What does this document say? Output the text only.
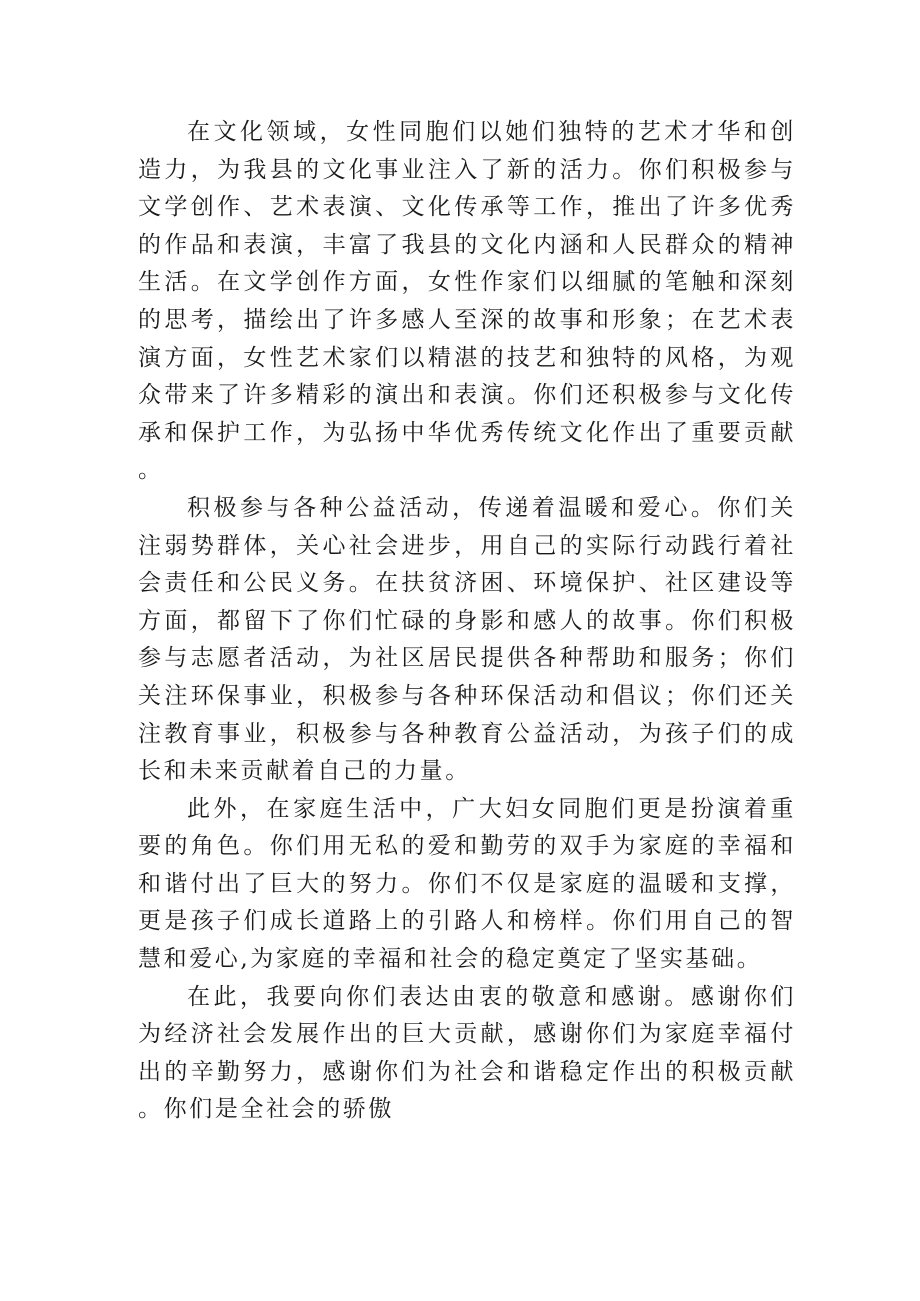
在文化领域，女性同胞们以她们独特的艺术才华和创造力，为我县的文化事业注入了新的活力。你们积极参与文学创作、艺术表演、文化传承等工作，推出了许多优秀的作品和表演，丰富了我县的文化内涵和人民群众的精神生活。在文学创作方面，女性作家们以细腻的笔触和深刻的思考，描绘出了许多感人至深的故事和形象；在艺术表演方面，女性艺术家们以精湛的技艺和独特的风格，为观众带来了许多精彩的演出和表演。你们还积极参与文化传承和保护工作，为弘扬中华优秀传统文化作出了重要贡献。

积极参与各种公益活动，传递着温暖和爱心。你们关注弱势群体，关心社会进步，用自己的实际行动践行着社会责任和公民义务。在扶贫济困、环境保护、社区建设等方面，都留下了你们忙碌的身影和感人的故事。你们积极参与志愿者活动，为社区居民提供各种帮助和服务；你们关注环保事业，积极参与各种环保活动和倡议；你们还关注教育事业，积极参与各种教育公益活动，为孩子们的成长和未来贡献着自己的力量。

此外，在家庭生活中，广大妇女同胞们更是扮演着重要的角色。你们用无私的爱和勤劳的双手为家庭的幸福和和谐付出了巨大的努力。你们不仅是家庭的温暖和支撑，更是孩子们成长道路上的引路人和榜样。你们用自己的智慧和爱心,为家庭的幸福和社会的稳定奠定了坚实基础。

在此，我要向你们表达由衷的敬意和感谢。感谢你们为经济社会发展作出的巨大贡献，感谢你们为家庭幸福付出的辛勤努力，感谢你们为社会和谐稳定作出的积极贡献。你们是全社会的骄傲
